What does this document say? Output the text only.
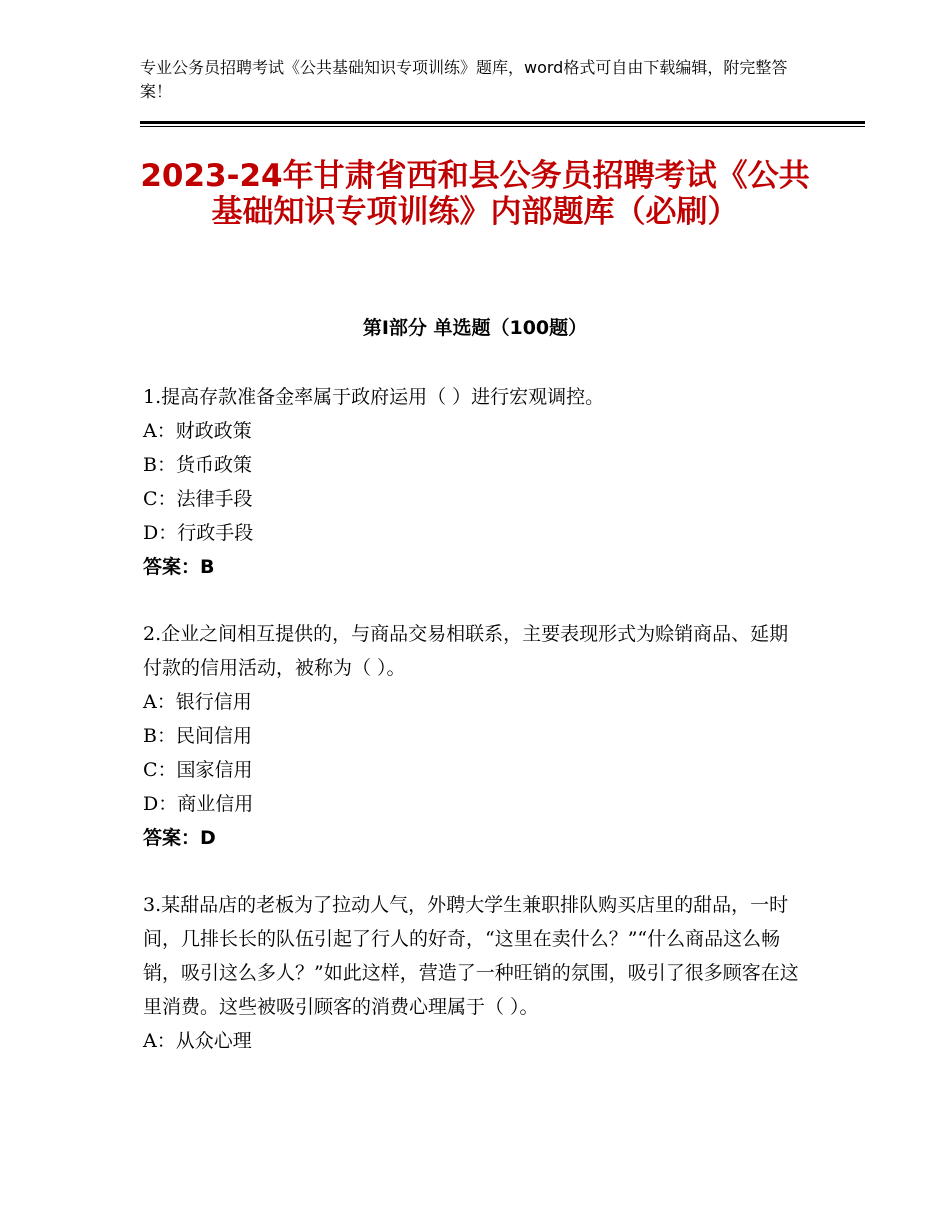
专业公务员招聘考试《公共基础知识专项训练》题库，word格式可自由下载编辑，附完整答案！
2023-24年甘肃省西和县公务员招聘考试《公共基础知识专项训练》内部题库（必刷）
第Ⅰ部分 单选题（100题）

1.提高存款准备金率属于政府运用（ ）进行宏观调控。

A：财政政策

B：货币政策

C：法律手段

D：行政手段

答案：B

2.企业之间相互提供的，与商品交易相联系，主要表现形式为赊销商品、延期付款的信用活动，被称为（ ）。

A：银行信用

B：民间信用

C：国家信用

D：商业信用

答案：D

3.某甜品店的老板为了拉动人气，外聘大学生兼职排队购买店里的甜品，一时间，几排长长的队伍引起了行人的好奇，“这里在卖什么？”“什么商品这么畅销，吸引这么多人？”如此这样，营造了一种旺销的氛围，吸引了很多顾客在这里消费。这些被吸引顾客的消费心理属于（ ）。

A：从众心理
